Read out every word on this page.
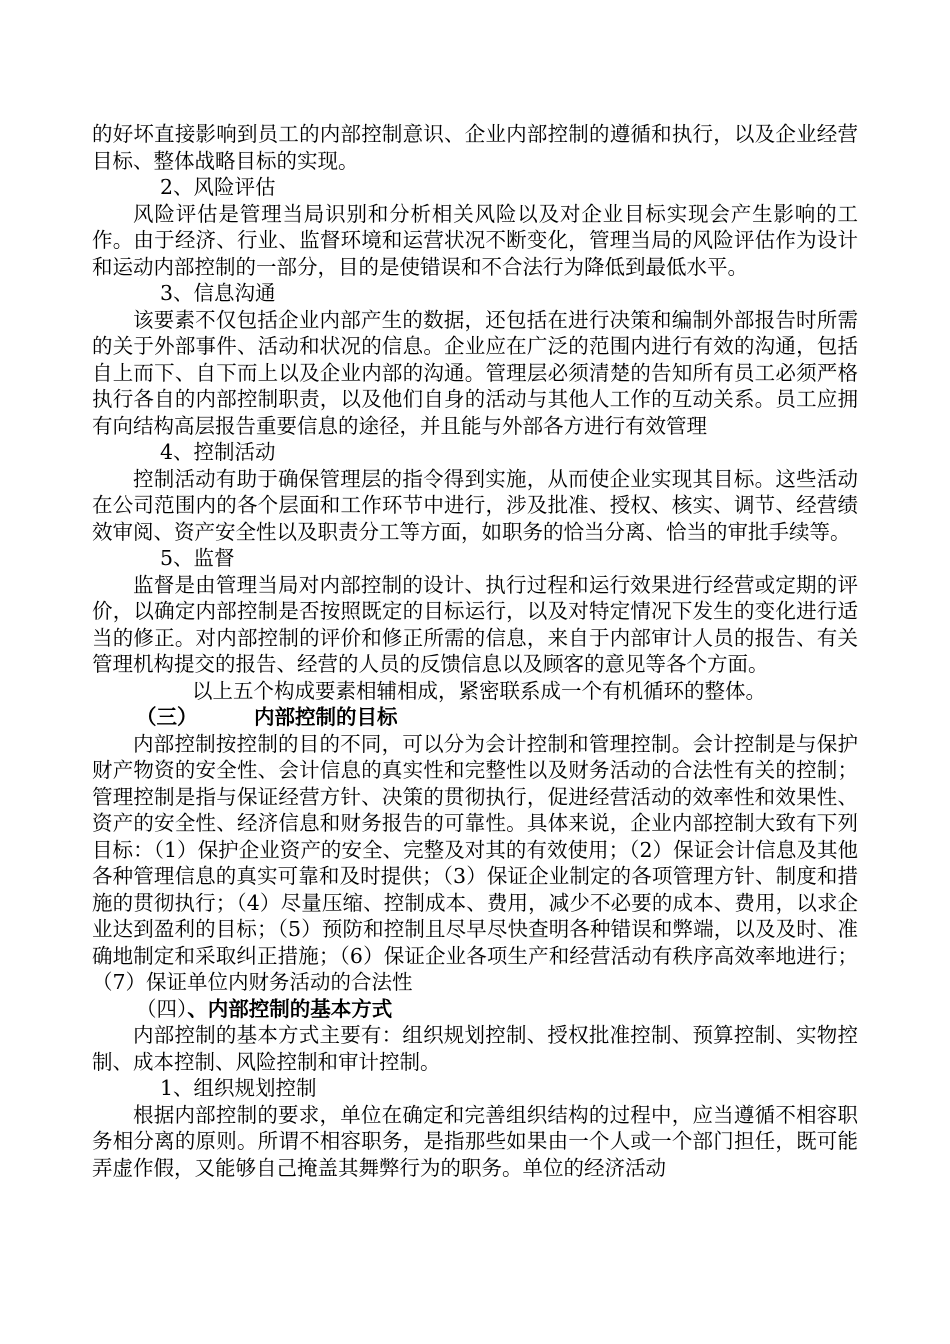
的好坏直接影响到员工的内部控制意识、企业内部控制的遵循和执行，以及企业经营目标、整体战略目标的实现。

2、风险评估

风险评估是管理当局识别和分析相关风险以及对企业目标实现会产生影响的工作。由于经济、行业、监督环境和运营状况不断变化，管理当局的风险评估作为设计和运动内部控制的一部分，目的是使错误和不合法行为降低到最低水平。

3、信息沟通

该要素不仅包括企业内部产生的数据，还包括在进行决策和编制外部报告时所需的关于外部事件、活动和状况的信息。企业应在广泛的范围内进行有效的沟通，包括自上而下、自下而上以及企业内部的沟通。管理层必须清楚的告知所有员工必须严格执行各自的内部控制职责，以及他们自身的活动与其他人工作的互动关系。员工应拥有向结构高层报告重要信息的途径，并且能与外部各方进行有效管理

4、控制活动

控制活动有助于确保管理层的指令得到实施，从而使企业实现其目标。这些活动在公司范围内的各个层面和工作环节中进行，涉及批准、授权、核实、调节、经营绩效审阅、资产安全性以及职责分工等方面，如职务的恰当分离、恰当的审批手续等。

5、监督

监督是由管理当局对内部控制的设计、执行过程和运行效果进行经营或定期的评价，以确定内部控制是否按照既定的目标运行，以及对特定情况下发生的变化进行适当的修正。对内部控制的评价和修正所需的信息，来自于内部审计人员的报告、有关管理机构提交的报告、经营的人员的反馈信息以及顾客的意见等各个方面。

以上五个构成要素相辅相成，紧密联系成一个有机循环的整体。

（三）	内部控制的目标

内部控制按控制的目的不同，可以分为会计控制和管理控制。会计控制是与保护财产物资的安全性、会计信息的真实性和完整性以及财务活动的合法性有关的控制；管理控制是指与保证经营方针、决策的贯彻执行，促进经营活动的效率性和效果性、资产的安全性、经济信息和财务报告的可靠性。具体来说，企业内部控制大致有下列目标：（1）保护企业资产的安全、完整及对其的有效使用；（2）保证会计信息及其他各种管理信息的真实可靠和及时提供；（3）保证企业制定的各项管理方针、制度和措施的贯彻执行；（4）尽量压缩、控制成本、费用，减少不必要的成本、费用，以求企业达到盈利的目标；（5）预防和控制且尽早尽快查明各种错误和弊端，以及及时、准确地制定和采取纠正措施；（6）保证企业各项生产和经营活动有秩序高效率地进行；（7）保证单位内财务活动的合法性

（四）、内部控制的基本方式

内部控制的基本方式主要有：组织规划控制、授权批准控制、预算控制、实物控制、成本控制、风险控制和审计控制。

1、组织规划控制

根据内部控制的要求，单位在确定和完善组织结构的过程中，应当遵循不相容职务相分离的原则。所谓不相容职务，是指那些如果由一个人或一个部门担任，既可能弄虚作假，又能够自己掩盖其舞弊行为的职务。单位的经济活动
